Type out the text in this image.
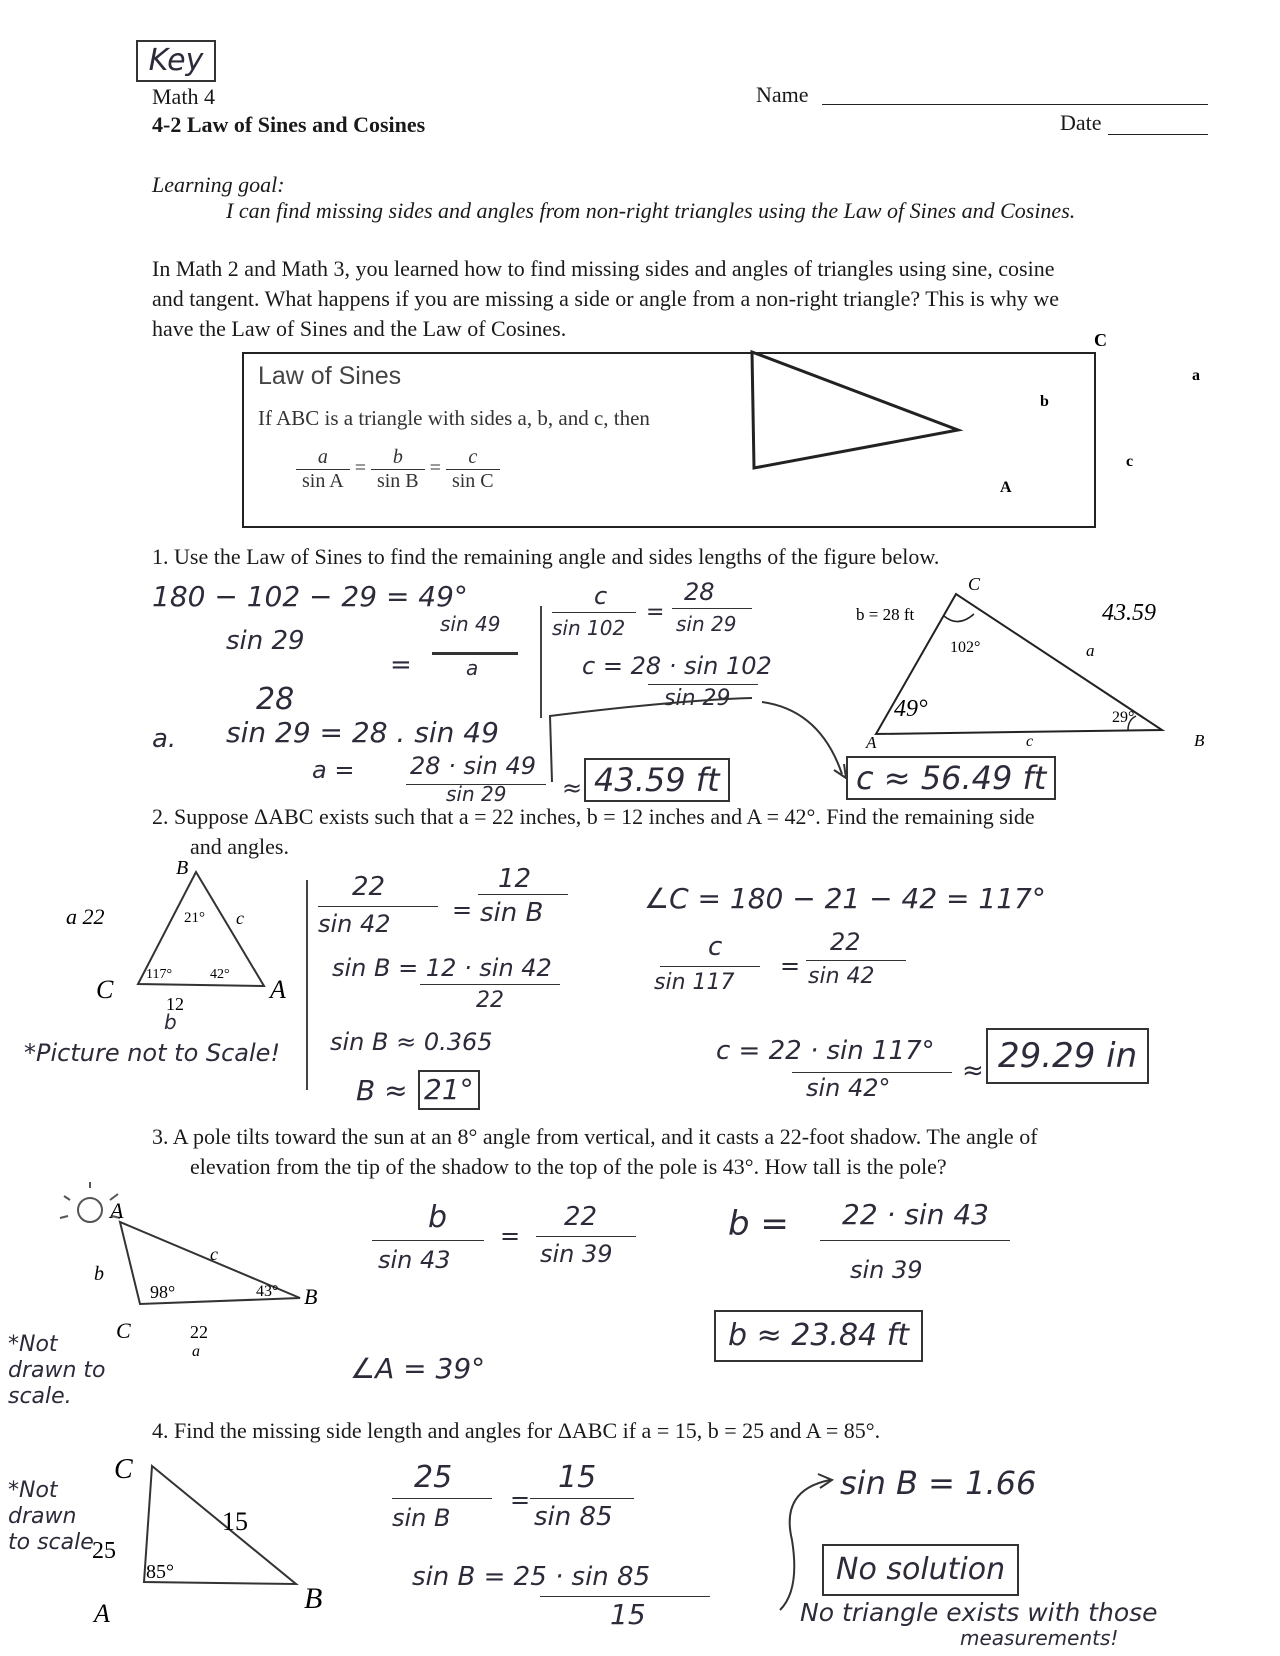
Key
Math 4
4-2 Law of Sines and Cosines
Name
Date
Learning goal:
I can find missing sides and angles from non-right triangles using the Law of Sines and Cosines.
In Math 2 and Math 3, you learned how to find missing sides and angles of triangles using sine, cosine
and tangent. What happens if you are missing a side or angle from a non-right triangle? This is why we
have the Law of Sines and the Law of Cosines.
Law of Sines
If ABC is a triangle with sides a, b, and c, then
$\frac{a}{\text{sin A}} = \frac{b}{\text{sin B}} = \frac{c}{\text{sin C}}$
C
a
b
c
A
1. Use the Law of Sines to find the remaining angle and sides lengths of the figure below.
180 − 102 − 29 = 49°
sin 29
28
=
sin 49
a
c
sin 102
=
28
sin 29
c = 28 · sin 102
sin 29
a. sin 29 = 28 . sin 49
a = 28 · sin 49
sin 29 ≈ 43.59 ft	c ≈ 56.49 ft
b = 28 ft
C
102°	a
29°
A	c	B
49°
43.59
2. Suppose ΔABC exists such that a = 22 inches, b = 12 inches and A = 42°. Find the remaining side
and angles.
B
a 22	21° c
117°	42°
C	A
12
b
*Picture not to Scale!
22
sin 42	=
12
sin B
sin B = 12 · sin 42
22
sin B ≈ 0.365
B ≈ 21°
∠C = 180 − 21 − 42 = 117°
c
sin 117
=
22
sin 42
c = 22 · sin 117°
sin 42°
≈ 29.29 in
3. A pole tilts toward the sun at an 8° angle from vertical, and it casts a 22-foot shadow. The angle of
elevation from the tip of the shadow to the top of the pole is 43°. How tall is the pole?
A
b
c
98°	43° B
C	22
a
*Not drawn to scale.
b
sin 43
=
22
sin 39
∠A = 39°
b = 22 · sin 43
sin 39
b ≈ 23.84 ft
4. Find the missing side length and angles for ΔABC if a = 15, b = 25 and A = 85°.
C
15
25
85°
A	B
*Not drawn to scale
25
sin B
=
15
sin 85
sin B = 25 · sin 85
15
sin B = 1.66
No solution
No triangle exists with those
measurements!
